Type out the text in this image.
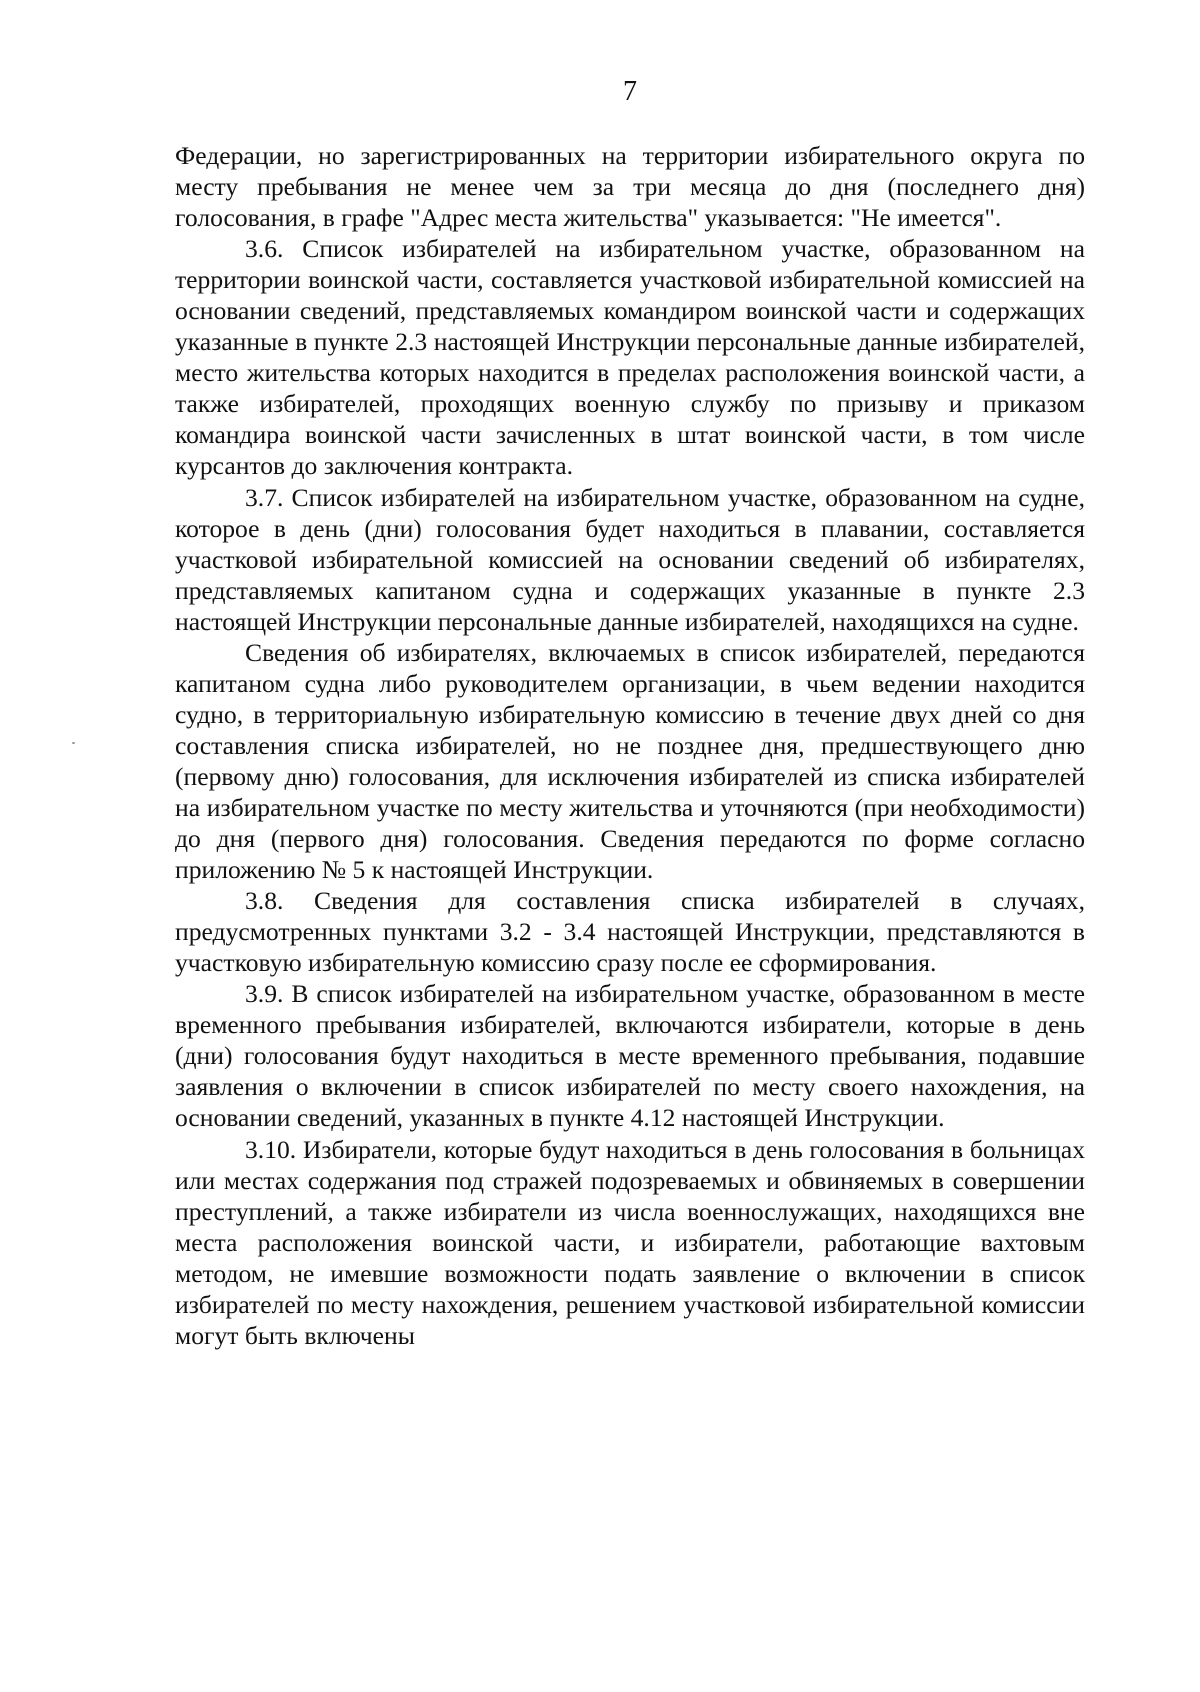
7

Федерации, но зарегистрированных на территории избирательного округа по месту пребывания не менее чем за три месяца до дня (последнего дня) голосования, в графе "Адрес места жительства" указывается: "Не имеется".

3.6. Список избирателей на избирательном участке, образованном на территории воинской части, составляется участковой избирательной комиссией на основании сведений, представляемых командиром воинской части и содержащих указанные в пункте 2.3 настоящей Инструкции персональные данные избирателей, место жительства которых находится в пределах расположения воинской части, а также избирателей, проходящих военную службу по призыву и приказом командира воинской части зачисленных в штат воинской части, в том числе курсантов до заключения контракта.

3.7. Список избирателей на избирательном участке, образованном на судне, которое в день (дни) голосования будет находиться в плавании, составляется участковой избирательной комиссией на основании сведений об избирателях, представляемых капитаном судна и содержащих указанные в пункте 2.3 настоящей Инструкции персональные данные избирателей, находящихся на судне.

Сведения об избирателях, включаемых в список избирателей, передаются капитаном судна либо руководителем организации, в чьем ведении находится судно, в территориальную избирательную комиссию в течение двух дней со дня составления списка избирателей, но не позднее дня, предшествующего дню (первому дню) голосования, для исключения избирателей из списка избирателей на избирательном участке по месту жительства и уточняются (при необходимости) до дня (первого дня) голосования. Сведения передаются по форме согласно приложению № 5 к настоящей Инструкции.

3.8. Сведения для составления списка избирателей в случаях, предусмотренных пунктами 3.2 - 3.4 настоящей Инструкции, представляются в участковую избирательную комиссию сразу после ее сформирования.

3.9. В список избирателей на избирательном участке, образованном в месте временного пребывания избирателей, включаются избиратели, которые в день (дни) голосования будут находиться в месте временного пребывания, подавшие заявления о включении в список избирателей по месту своего нахождения, на основании сведений, указанных в пункте 4.12 настоящей Инструкции.

3.10. Избиратели, которые будут находиться в день голосования в больницах или местах содержания под стражей подозреваемых и обвиняемых в совершении преступлений, а также избиратели из числа военнослужащих, находящихся вне места расположения воинской части, и избиратели, работающие вахтовым методом, не имевшие возможности подать заявление о включении в список избирателей по месту нахождения, решением участковой избирательной комиссии могут быть включены
